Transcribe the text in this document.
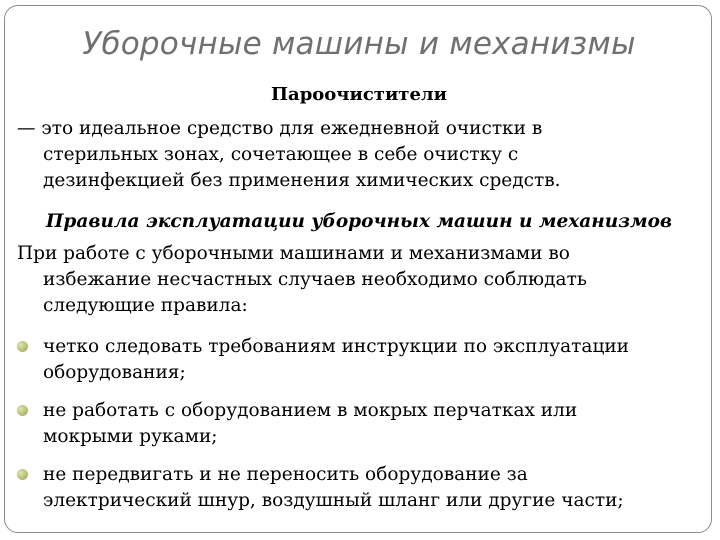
Уборочные машины и механизмы
Пароочистители
— это идеальное средство для ежедневной очистки в
стерильных зонах, сочетающее в себе очистку с
дезинфекцией без применения химических средств.
Правила эксплуатации уборочных машин и механизмов
При работе с уборочными машинами и механизмами во
избежание несчастных случаев необходимо соблюдать
следующие правила:
четко следовать требованиям инструкции по эксплуатации
оборудования;
не работать с оборудованием в мокрых перчатках или
мокрыми руками;
не передвигать и не переносить оборудование за
электрический шнур, воздушный шланг или другие части;
